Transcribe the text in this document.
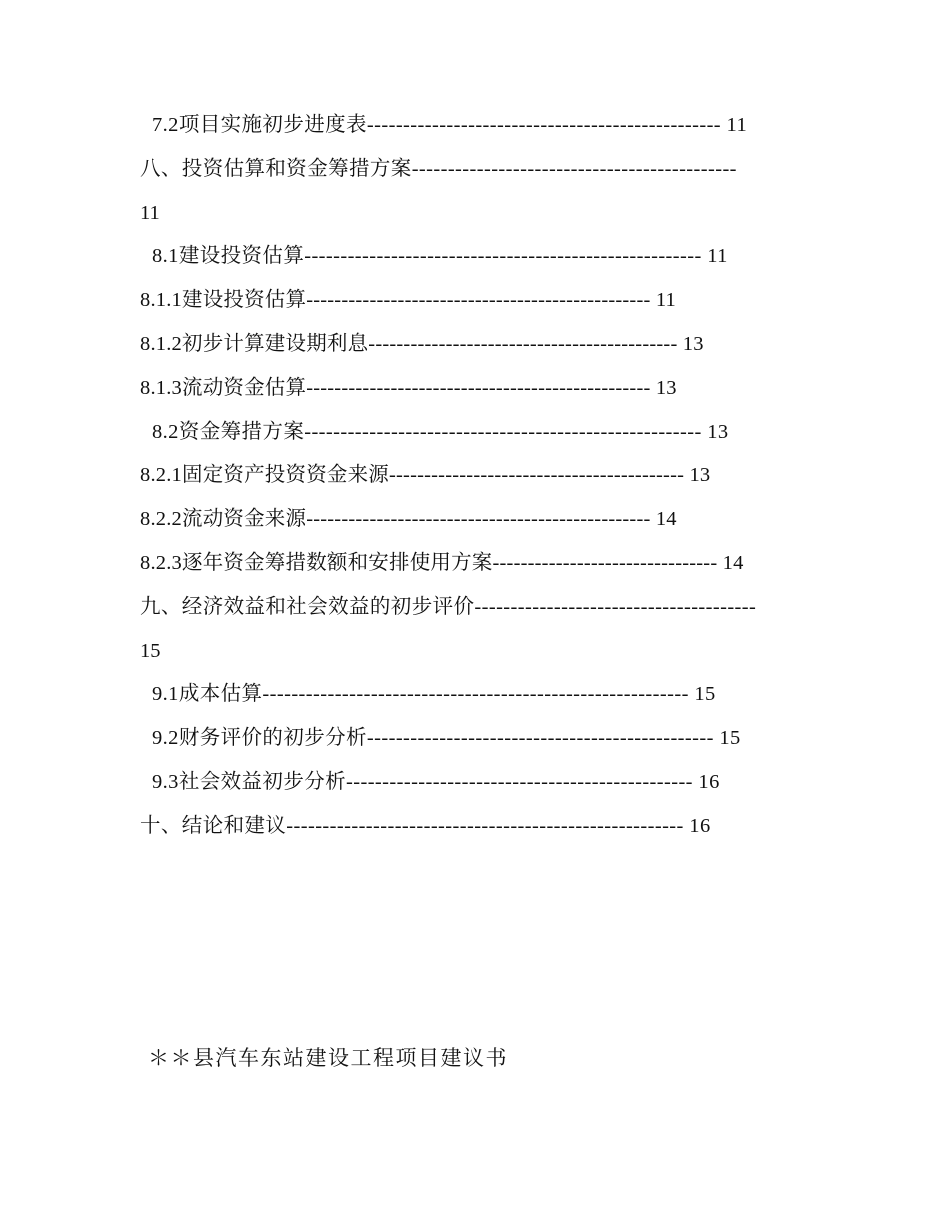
7.2项目实施初步进度表------------------------------------------------- 11
八、投资估算和资金筹措方案---------------------------------------------
11
8.1建设投资估算------------------------------------------------------- 11
8.1.1建设投资估算------------------------------------------------- 11
8.1.2初步计算建设期利息-------------------------------------------- 13
8.1.3流动资金估算------------------------------------------------- 13
8.2资金筹措方案------------------------------------------------------- 13
8.2.1固定资产投资资金来源------------------------------------------ 13
8.2.2流动资金来源------------------------------------------------- 14
8.2.3逐年资金筹措数额和安排使用方案-------------------------------- 14
九、经济效益和社会效益的初步评价---------------------------------------
15
9.1成本估算----------------------------------------------------------- 15
9.2财务评价的初步分析------------------------------------------------ 15
9.3社会效益初步分析------------------------------------------------ 16
十、结论和建议------------------------------------------------------- 16
＊＊县汽车东站建设工程项目建议书
